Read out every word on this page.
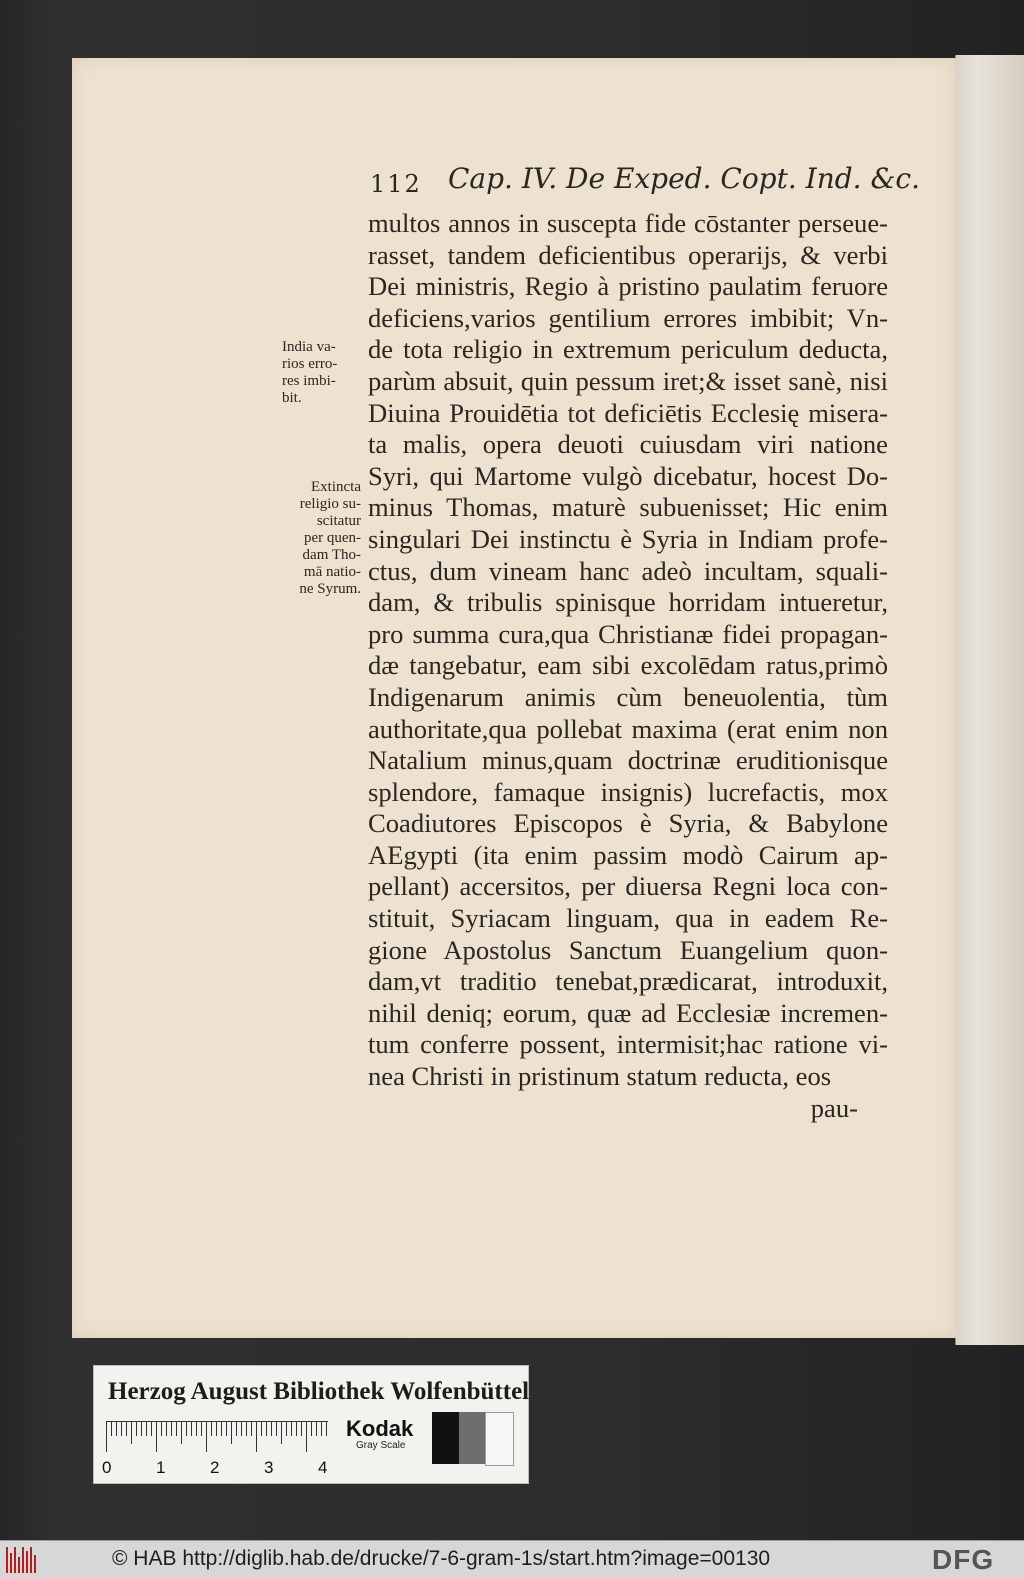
112 Cap. IV. De Exped. Copt. Ind. &c.
India va-
rios erro-
res imbi-
bit.
Extincta
religio su-
scitatur
per quen-
dam Tho-
mā natio-
ne Syrum.
multos annos in suscepta fide cōstanter perseue-
rasset, tandem deficientibus operarijs, & verbi
Dei ministris, Regio à pristino paulatim feruore
deficiens,varios gentilium errores imbibit; Vn-
de tota religio in extremum periculum deducta,
parùm absuit, quin pessum iret;& isset sanè, nisi
Diuina Prouidētia tot deficiētis Ecclesię misera-
ta malis, opera deuoti cuiusdam viri natione
Syri, qui Martome vulgò dicebatur, hocest Do-
minus Thomas, maturè subuenisset; Hic enim
singulari Dei instinctu è Syria in Indiam profe-
ctus, dum vineam hanc adeò incultam, squali-
dam, & tribulis spinisque horridam intueretur,
pro summa cura,qua Christianæ fidei propagan-
dæ tangebatur, eam sibi excolēdam ratus,primò
Indigenarum animis cùm beneuolentia, tùm
authoritate,qua pollebat maxima (erat enim non
Natalium minus,quam doctrinæ eruditionisque
splendore, famaque insignis) lucrefactis, mox
Coadiutores Episcopos è Syria, & Babylone
AEgypti (ita enim passim modò Cairum ap-
pellant) accersitos, per diuersa Regni loca con-
stituit, Syriacam linguam, qua in eadem Re-
gione Apostolus Sanctum Euangelium quon-
dam,vt traditio tenebat,prædicarat, introduxit,
nihil deniq; eorum, quæ ad Ecclesiæ incremen-
tum conferre possent, intermisit;hac ratione vi-
nea Christi in pristinum statum reducta, eos
pau-
Herzog August Bibliothek Wolfenbüttel
0	1	2	3	4
Kodak
Gray Scale
© HAB http://diglib.hab.de/drucke/7-6-gram-1s/start.htm?image=00130	DFG
